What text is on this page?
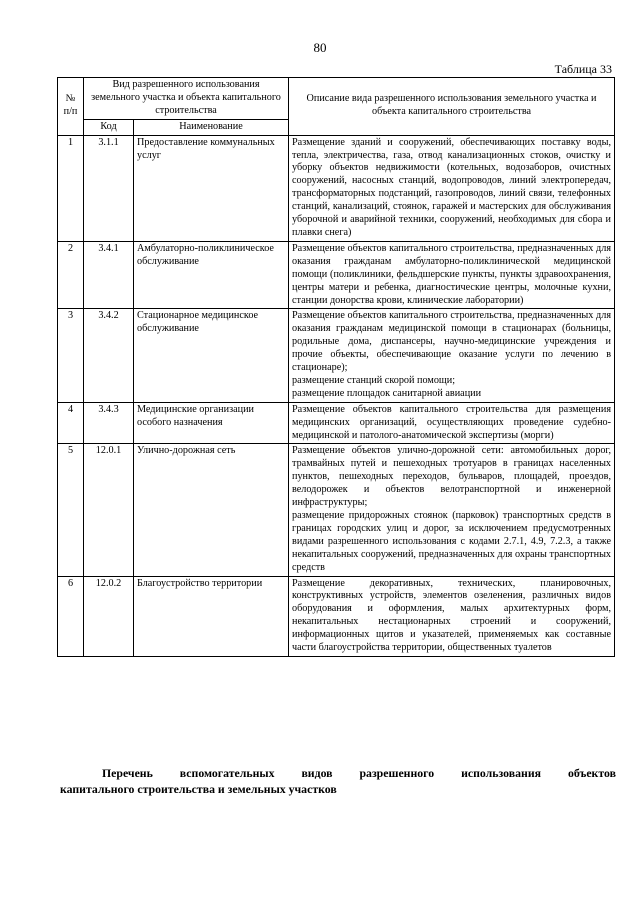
80
Таблица 33
№ п/п	Вид разрешенного использования земельного участка и объекта капитального строительства		Описание вида разрешенного использования земельного участка и объекта капитального строительства
	Код	Наименование	
1	3.1.1	Предоставление коммунальных услуг	Размещение зданий и сооружений, обеспечивающих поставку воды, тепла, электричества, газа, отвод канализационных стоков, очистку и уборку объектов недвижимости (котельных, водозаборов, очистных сооружений, насосных станций, водопроводов, линий электропередач, трансформаторных подстанций, газопроводов, линий связи, телефонных станций, канализаций, стоянок, гаражей и мастерских для обслуживания уборочной и аварийной техники, сооружений, необходимых для сбора и плавки снега)

2	3.4.1	Амбулаторно-поликлиническое обслуживание	Размещение объектов капитального строительства, предназначенных для оказания гражданам амбулаторно-поликлинической медицинской помощи (поликлиники, фельдшерские пункты, пункты здравоохранения, центры матери и ребенка, диагностические центры, молочные кухни, станции донорства крови, клинические лаборатории)

3	3.4.2	Стационарное медицинское обслуживание	Размещение объектов капитального строительства, предназначенных для оказания гражданам медицинской помощи в стационарах (больницы, родильные дома, диспансеры, научно-медицинские учреждения и прочие объекты, обеспечивающие оказание услуги по лечению в стационаре);
размещение станций скорой помощи;
размещение площадок санитарной авиации

4	3.4.3	Медицинские организации особого назначения	Размещение объектов капитального строительства для размещения медицинских организаций, осуществляющих проведение судебно-медицинской и патолого-анатомической экспертизы (морги)

5	12.0.1	Улично-дорожная сеть	Размещение объектов улично-дорожной сети: автомобильных дорог, трамвайных путей и пешеходных тротуаров в границах населенных пунктов, пешеходных переходов, бульваров, площадей, проездов, велодорожек и объектов велотранспортной и инженерной инфраструктуры;
размещение придорожных стоянок (парковок) транспортных средств в границах городских улиц и дорог, за исключением предусмотренных видами разрешенного использования с кодами 2.7.1, 4.9, 7.2.3, а также некапитальных сооружений, предназначенных для охраны транспортных средств

6	12.0.2	Благоустройство территории	Размещение декоративных, технических, планировочных, конструктивных устройств, элементов озеленения, различных видов оборудования и оформления, малых архитектурных форм, некапитальных нестационарных строений и сооружений, информационных щитов и указателей, применяемых как составные части благоустройства территории, общественных туалетов
Перечень вспомогательных видов разрешенного использования объектов
капитального строительства и земельных участков
